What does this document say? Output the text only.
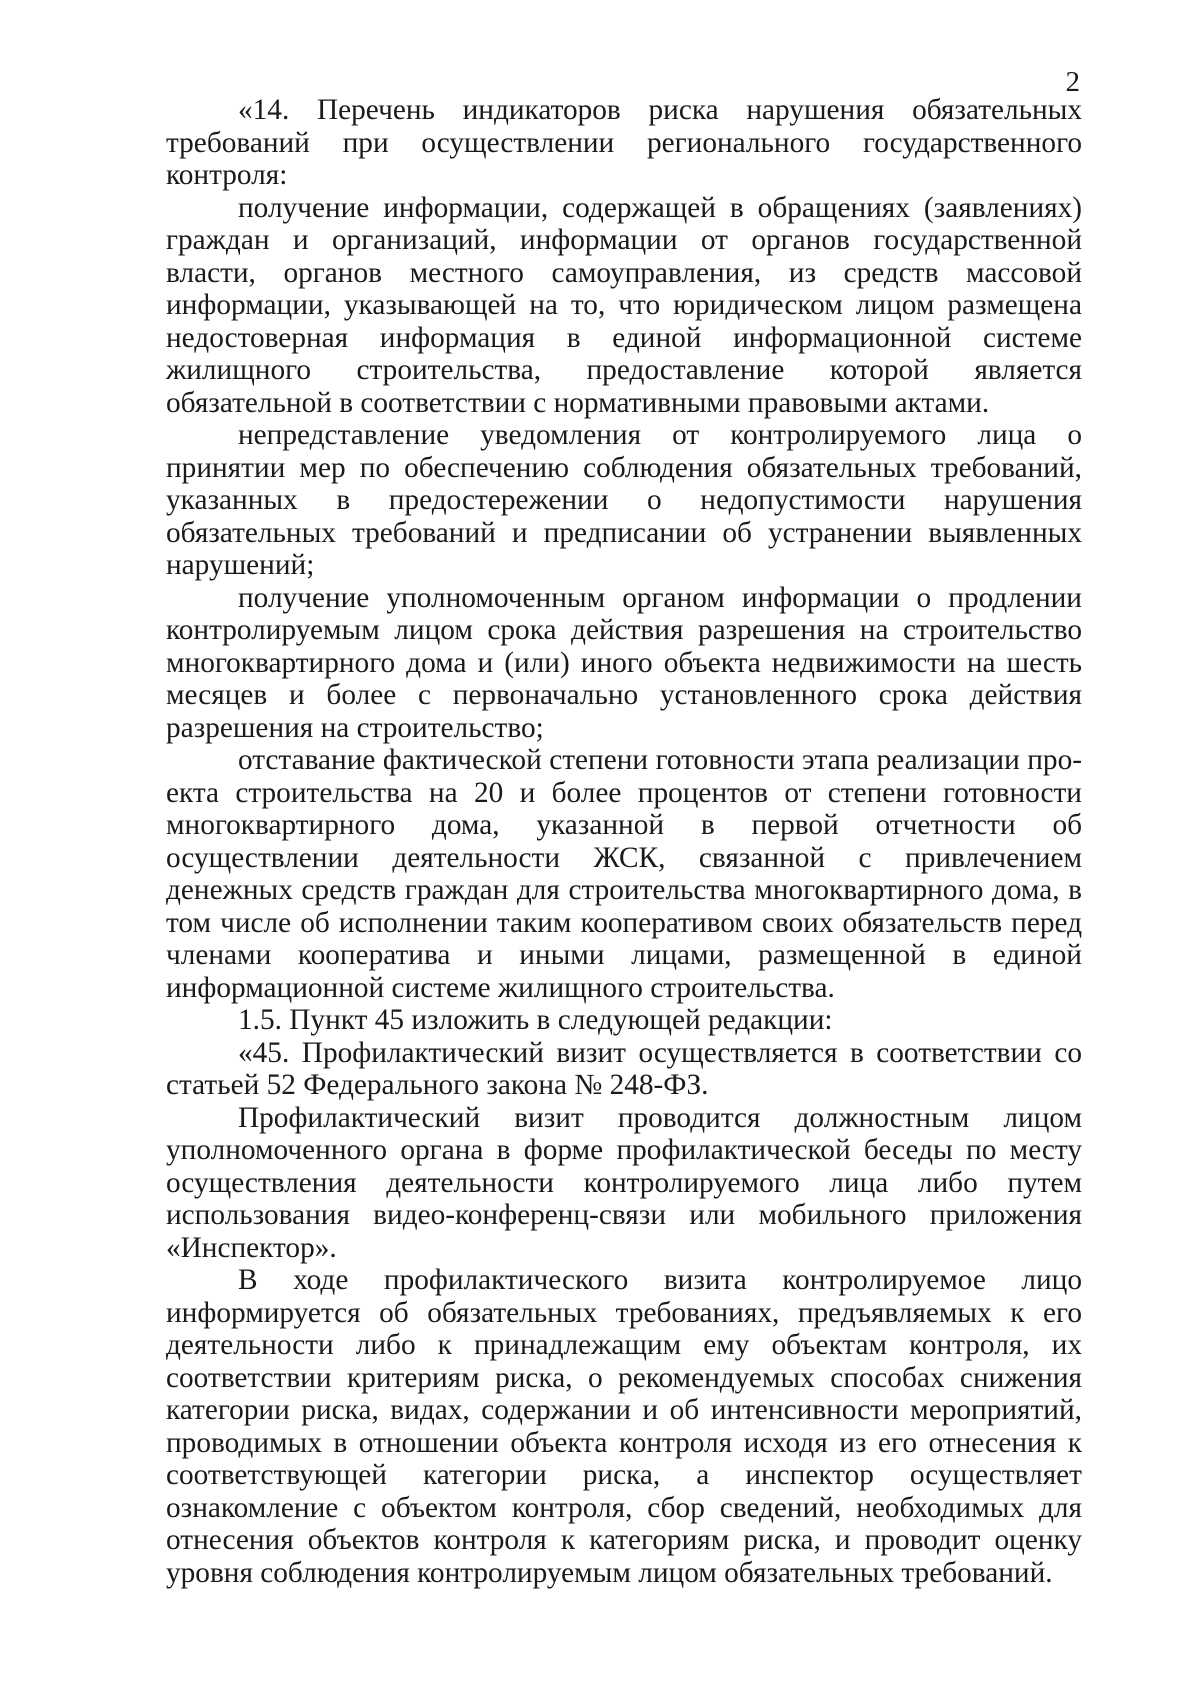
2

«14. Перечень индикаторов риска нарушения обязательных требований при осуществлении регионального государственного контроля:

получение информации, содержащей в обращениях (заявлениях) граждан и организаций, информации от органов государственной власти, органов местного самоуправления, из средств массовой информации, указывающей на то, что юридическом лицом размещена недостоверная информация в единой информационной системе жилищного строительства, предоставление которой является обязательной в соответствии с нормативными правовыми актами.

непредставление уведомления от контролируемого лица о принятии мер по обеспечению соблюдения обязательных требований, указанных в предостережении о недопустимости нарушения обязательных требований и предписании об устранении выявленных нарушений;

получение уполномоченным органом информации о продлении контролируемым лицом срока действия разрешения на строительство многоквартирного дома и (или) иного объекта недвижимости на шесть месяцев и более с первоначально установленного срока действия разрешения на строительство;

отставание фактической степени готовности этапа реализации проекта строительства на 20 и более процентов от степени готовности многоквартирного дома, указанной в первой отчетности об осуществлении деятельности ЖСК, связанной с привлечением денежных средств граждан для строительства многоквартирного дома, в том числе об исполнении таким кооперативом своих обязательств перед членами кооператива и иными лицами, размещенной в единой информационной системе жилищного строительства.

1.5. Пункт 45 изложить в следующей редакции:

«45. Профилактический визит осуществляется в соответствии со статьей 52 Федерального закона № 248-ФЗ.

Профилактический визит проводится должностным лицом уполномоченного органа в форме профилактической беседы по месту осуществления деятельности контролируемого лица либо путем использования видео-конференц-связи или мобильного приложения «Инспектор».

В ходе профилактического визита контролируемое лицо информируется об обязательных требованиях, предъявляемых к его деятельности либо к принадлежащим ему объектам контроля, их соответствии критериям риска, о рекомендуемых способах снижения категории риска, видах, содержании и об интенсивности мероприятий, проводимых в отношении объекта контроля исходя из его отнесения к соответствующей категории риска, а инспектор осуществляет ознакомление с объектом контроля, сбор сведений, необходимых для отнесения объектов контроля к категориям риска, и проводит оценку уровня соблюдения контролируемым лицом обязательных требований.
